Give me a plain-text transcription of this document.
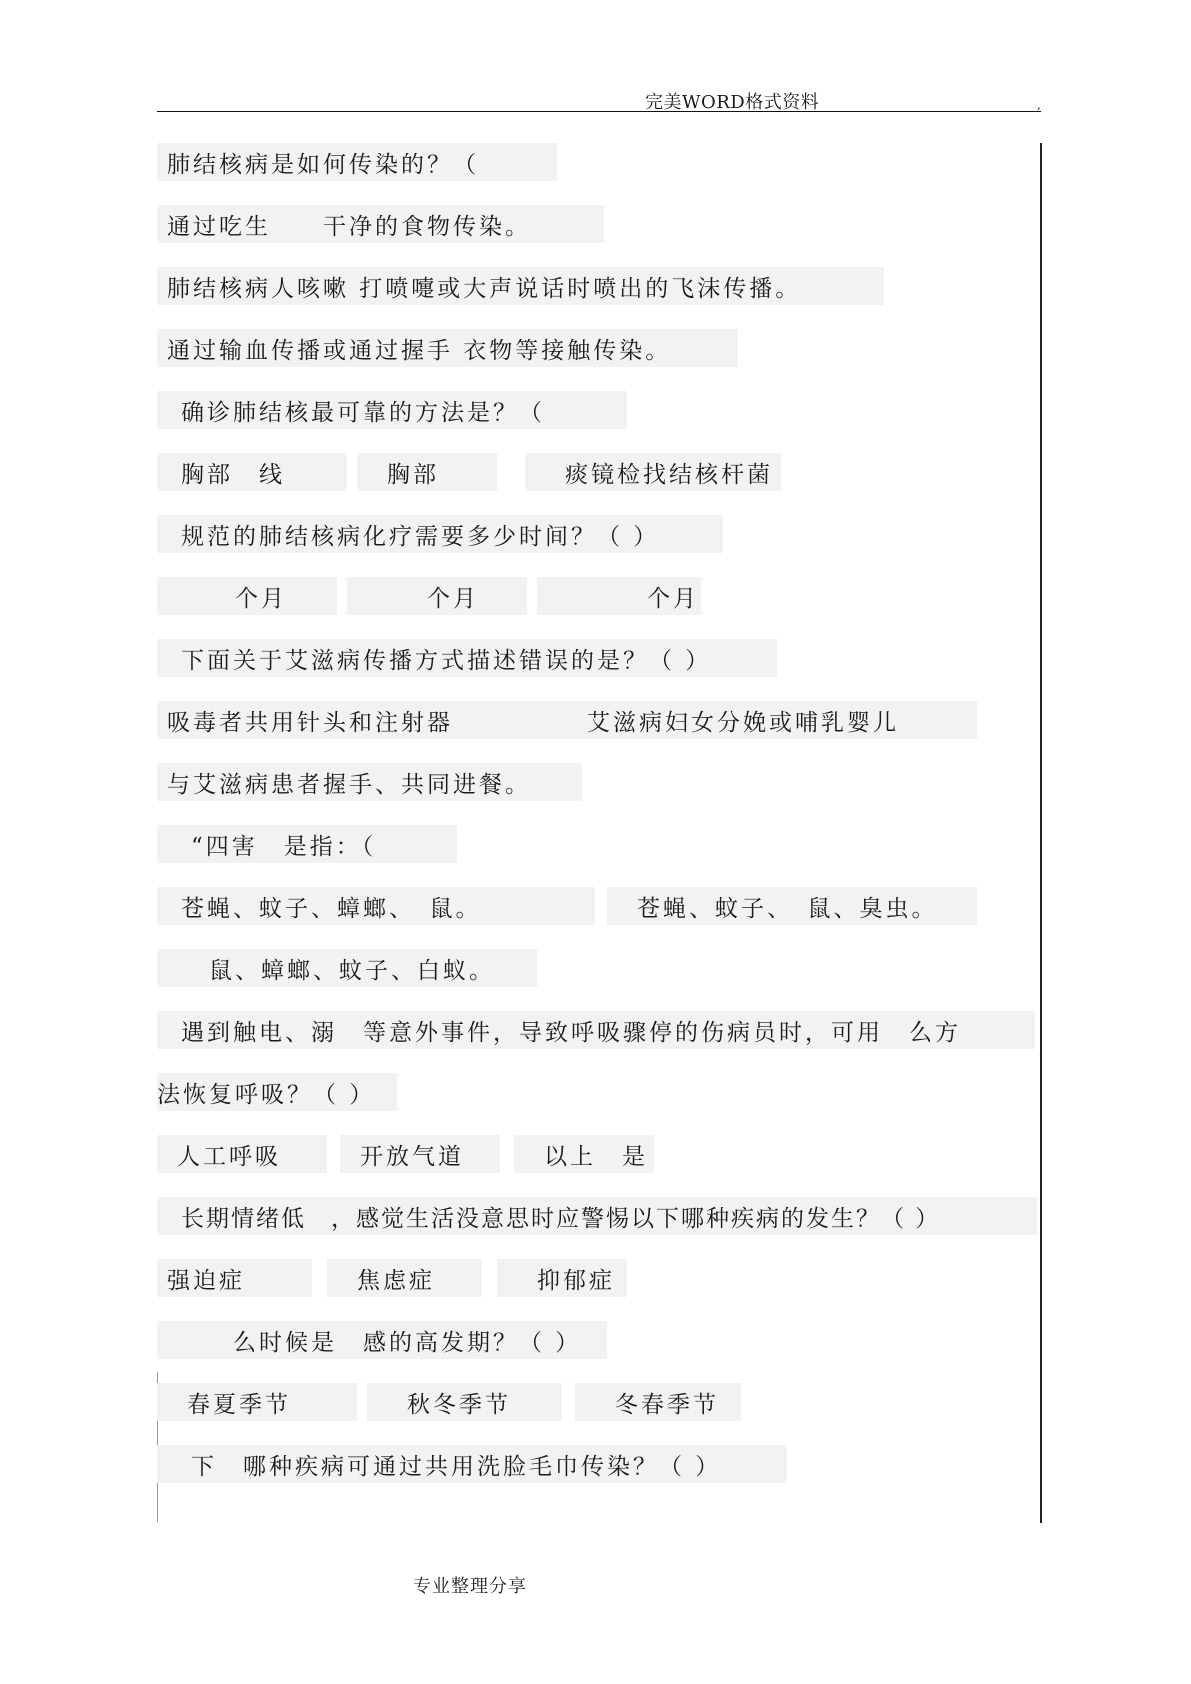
完美WORD格式资料	,
肺结核病是如何传染的？（
通过吃生　　干净的食物传染。
肺结核病人咳嗽 打喷嚏或大声说话时喷出的飞沫传播。
通过输血传播或通过握手 衣物等接触传染。
确诊肺结核最可靠的方法是？（
胸部　线	胸部	痰镜检找结核杆菌
规范的肺结核病化疗需要多少时间？（ ）
个月	个月	个月
下面关于艾滋病传播方式描述错误的是？（ ）
吸毒者共用针头和注射器	艾滋病妇女分娩或哺乳婴儿
与艾滋病患者握手、共同进餐。
“四害　是指：（
苍蝇、蚊子、蟑螂、　鼠。	苍蝇、蚊子、　鼠、臭虫。
鼠、蟑螂、蚊子、白蚁。
遇到触电、溺　等意外事件，导致呼吸骤停的伤病员时，可用　么方
法恢复呼吸？（ ）
人工呼吸	开放气道	以上　是
长期情绪低　，感觉生活没意思时应警惕以下哪种疾病的发生？（ ）
强迫症	焦虑症	抑郁症
么时候是　感的高发期？（ ）
春夏季节	秋冬季节	冬春季节
下　哪种疾病可通过共用洗脸毛巾传染？（ ）
专业整理分享
